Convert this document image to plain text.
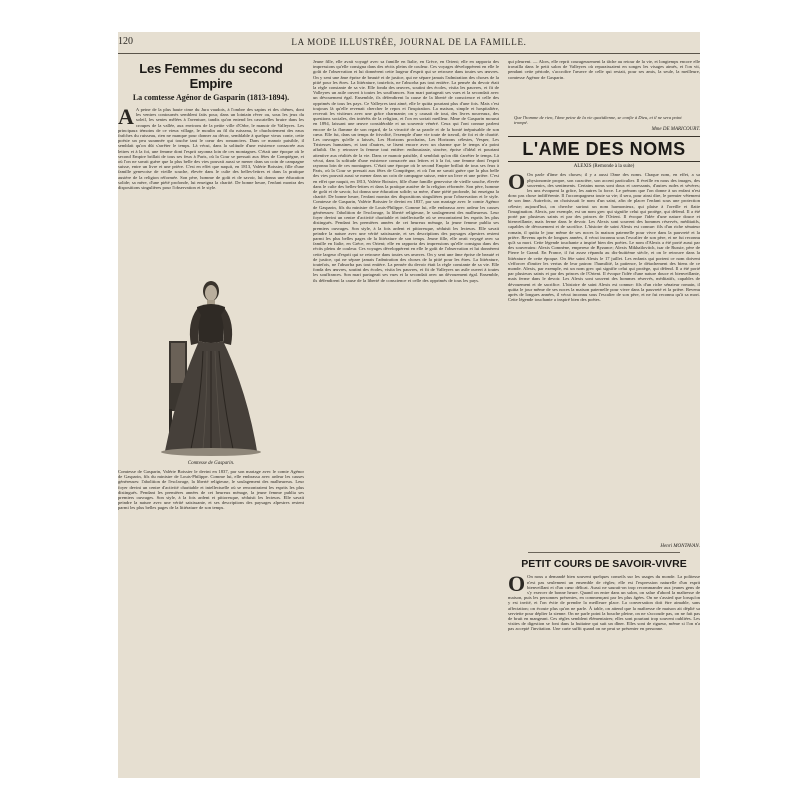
120	LA MODE ILLUSTRÉE, JOURNAL DE LA FAMILLE.
Les Femmes du second Empire
La comtesse Agénor de Gasparin (1813-1894).
A A peine de la plus haute cime du Jura vaudois, à l'ombre des sapins et des chênes, dont les ventres contournés semblent faits pour, dans un lointain rêver ou, sous les jeux du soleil, les sentes mêlées à l'aventure, tandis qu'on entend les cascatelles bruire dans les croupes de la vallée, aux environs de la petite ville d'Orbe, le manoir de Valleyres. Les principaux témoins de ce vieux village, le moulin au fil du ruisseau, le chuchotement des eaux fraîches du ruisseau, rien ne manque pour donner au décor, semblable à quelque vieux conte, cette poésie un peu surannée qui touche tant le cœur des romanciers. Dans ce manoir paisible, il semblait qu'on dût s'arrêter le temps. Là vécut, dans la solitude d'une existence consacrée aux lettres et à la foi, une femme dont l'esprit rayonna loin de ces montagnes. C'était une époque où le second Empire brillait de tous ses feux à Paris, où la Cour se pressait aux fêtes de Compiègne, et où l'on ne savait guère que la plus belle des vies pouvait aussi se mener dans un coin de campagne suisse, entre un livre et une prière. C'est en effet que naquit, en 1813, Valérie Boissier, fille d'une famille genevoise de vieille souche, élevée dans le culte des belles-lettres et dans la pratique austère de la religion réformée. Son père, homme de goût et de savoir, lui donna une éducation solide; sa mère, d'une piété profonde, lui enseigna la charité. De bonne heure, l'enfant montra des dispositions singulières pour l'observation et le style.
Comtesse de Gasparin.
Comtesse de Gasparin, Valérie Boissier le devint en 1837, par son mariage avec le comte Agénor de Gasparin, fils du ministre de Louis-Philippe. Comme lui, elle embrassa avec ardeur les causes généreuses: l'abolition de l'esclavage, la liberté religieuse, le soulagement des malheureux. Leur foyer devint un centre d'activité charitable et intellectuelle où se rencontraient les esprits les plus distingués. Pendant les premières années de cet heureux ménage, la jeune femme publia ses premiers ouvrages. Son style, à la fois ardent et pittoresque, séduisit les lecteurs. Elle savait peindre la nature avec une vérité saisissante, et ses descriptions des paysages alpestres restent parmi les plus belles pages de la littérature de son temps.
Jeune fille, elle avait voyagé avec sa famille en Italie, en Grèce, en Orient; elle en rapporta des impressions qu'elle consigna dans des récits pleins de couleur. Ces voyages développèrent en elle le goût de l'observation et lui donnèrent cette largeur d'esprit qui se retrouve dans toutes ses œuvres. On y sent une âme éprise de beauté et de justice, qui ne sépare jamais l'admiration des choses de la pitié pour les êtres. La littérature, toutefois, ne l'absorba pas tout entière. La pensée du devoir était la règle constante de sa vie. Elle fonda des œuvres, soutint des écoles, visita les pauvres, et fit de Valleyres un asile ouvert à toutes les souffrances. Son mari partageait ses vues et la secondait avec un dévouement égal. Ensemble, ils défendirent la cause de la liberté de conscience et celle des opprimés de tous les pays. Ce Valleyres tant aimé, elle le quitta pourtant plus d'une fois. Mais c'est toujours là qu'elle revenait chercher le repos et l'inspiration. La maison, simple et hospitalière, recevait les visiteurs avec une grâce charmante; on y causait de tout, des livres nouveaux, des questions sociales, des intérêts de la religion, et l'on en sortait meilleur. Mme de Gasparin mourut en 1894, laissant une œuvre considérable et un souvenir vénéré. Ceux qui l'ont connue parlent encore de la flamme de son regard, de la vivacité de sa parole et de la bonté inépuisable de son cœur. Elle fut, dans un temps de frivolité, l'exemple d'une vie toute de travail, de foi et de charité. Les ouvrages qu'elle a laissés, Les Horizons prochains, Les Horizons célestes, Vesper, Les Tristesses humaines, et tant d'autres, se lisent encore avec un charme que le temps n'a point affaibli. On y retrouve la femme tout entière: enthousiaste, sincère, éprise d'idéal et pourtant attentive aux réalités de la vie. Dans ce manoir paisible, il semblait qu'on dût s'arrêter le temps. Là vécut, dans la solitude d'une existence consacrée aux lettres et à la foi, une femme dont l'esprit rayonna loin de ces montagnes. C'était une époque où le second Empire brillait de tous ses feux à Paris, où la Cour se pressait aux fêtes de Compiègne, et où l'on ne savait guère que la plus belle des vies pouvait aussi se mener dans un coin de campagne suisse, entre un livre et une prière. C'est en effet que naquit, en 1813, Valérie Boissier, fille d'une famille genevoise de vieille souche, élevée dans le culte des belles-lettres et dans la pratique austère de la religion réformée. Son père, homme de goût et de savoir, lui donna une éducation solide; sa mère, d'une piété profonde, lui enseigna la charité. De bonne heure, l'enfant montra des dispositions singulières pour l'observation et le style. Comtesse de Gasparin, Valérie Boissier le devint en 1837, par son mariage avec le comte Agénor de Gasparin, fils du ministre de Louis-Philippe. Comme lui, elle embrassa avec ardeur les causes généreuses: l'abolition de l'esclavage, la liberté religieuse, le soulagement des malheureux. Leur foyer devint un centre d'activité charitable et intellectuelle où se rencontraient les esprits les plus distingués. Pendant les premières années de cet heureux ménage, la jeune femme publia ses premiers ouvrages. Son style, à la fois ardent et pittoresque, séduisit les lecteurs. Elle savait peindre la nature avec une vérité saisissante, et ses descriptions des paysages alpestres restent parmi les plus belles pages de la littérature de son temps. Jeune fille, elle avait voyagé avec sa famille en Italie, en Grèce, en Orient; elle en rapporta des impressions qu'elle consigna dans des récits pleins de couleur. Ces voyages développèrent en elle le goût de l'observation et lui donnèrent cette largeur d'esprit qui se retrouve dans toutes ses œuvres. On y sent une âme éprise de beauté et de justice, qui ne sépare jamais l'admiration des choses de la pitié pour les êtres. La littérature, toutefois, ne l'absorba pas tout entière. La pensée du devoir était la règle constante de sa vie. Elle fonda des œuvres, soutint des écoles, visita les pauvres, et fit de Valleyres un asile ouvert à toutes les souffrances. Son mari partageait ses vues et la secondait avec un dévouement égal. Ensemble, ils défendirent la cause de la liberté de conscience et celle des opprimés de tous les pays.
qui pleurent. — Alors, elle reprit courageusement la tâche au retour de la vie, et longtemps encore elle travailla dans le petit salon de Valleyres où reparaissaient en songes les visages aimés, et l'on vit, pendant cette période, s'accroître l'œuvre de celle qui restait, pour ses amis, la seule, la meilleure, comtesse Agénor de Gasparin.
Que l'homme de rien, l'âme peine de la vie quotidienne, se confie à Dieu, et il ne sera point trompé.
Mme DE MARICOURT.
L'AME DES NOMS
ALEXIS (Remonde à la suite)
O On parle d'âme des choses; il y a aussi l'âme des noms. Chaque nom, en effet, a sa physionomie propre, son caractère, son accent particulier. Il éveille en nous des images, des souvenirs, des sentiments. Certains noms sont doux et caressants, d'autres rudes et sévères; les uns évoquent la grâce, les autres la force. Le prénom que l'on donne à un enfant n'est donc pas chose indifférente. Il l'accompagnera toute sa vie; il sera, pour ainsi dire, le premier vêtement de son âme. Autrefois, on choisissait le nom d'un saint, afin de placer l'enfant sous une protection céleste; aujourd'hui, on cherche surtout un nom harmonieux, qui plaise à l'oreille et flatte l'imagination. Alexis, par exemple, est un nom grec qui signifie celui qui protège, qui défend. Il a été porté par plusieurs saints et par des princes de l'Orient. Il évoque l'idée d'une nature douce et bienveillante, mais ferme dans le devoir. Les Alexis sont souvent des hommes réservés, méditatifs, capables de dévouement et de sacrifice. L'histoire de saint Alexis est connue: fils d'un riche sénateur romain, il quitta le jour même de ses noces la maison paternelle pour vivre dans la pauvreté et la prière. Revenu après de longues années, il vécut inconnu sous l'escalier de son père, et ne fut reconnu qu'à sa mort. Cette légende touchante a inspiré bien des poètes. Le nom d'Alexis a été porté aussi par des souverains: Alexis Comnène, empereur de Byzance; Alexis Mikhaïlovitch, tsar de Russie, père de Pierre le Grand. En France, il fut assez répandu au dix-huitième siècle, et on le retrouve dans la littérature de cette époque. On fête saint Alexis le 17 juillet. Les enfants qui portent ce nom doivent s'efforcer d'imiter les vertus de leur patron: l'humilité, la patience, le détachement des biens de ce monde. Alexis, par exemple, est un nom grec qui signifie celui qui protège, qui défend. Il a été porté par plusieurs saints et par des princes de l'Orient. Il évoque l'idée d'une nature douce et bienveillante, mais ferme dans le devoir. Les Alexis sont souvent des hommes réservés, méditatifs, capables de dévouement et de sacrifice. L'histoire de saint Alexis est connue: fils d'un riche sénateur romain, il quitta le jour même de ses noces la maison paternelle pour vivre dans la pauvreté et la prière. Revenu après de longues années, il vécut inconnu sous l'escalier de son père, et ne fut reconnu qu'à sa mort. Cette légende touchante a inspiré bien des poètes.
Henri MONTAVAN.
PETIT COURS DE SAVOIR-VIVRE
O On nous a demandé bien souvent quelques conseils sur les usages du monde. La politesse n'est pas seulement un ensemble de règles; elle est l'expression naturelle d'un esprit bienveillant et d'un cœur délicat. Aussi ne saurait-on trop recommander aux jeunes gens de s'y exercer de bonne heure. Quand on entre dans un salon, on salue d'abord la maîtresse de maison, puis les personnes présentes, en commençant par les plus âgées. On ne s'assied que lorsqu'on y est invité, et l'on évite de prendre la meilleure place. La conversation doit être aimable, sans affectation; on écoute plus qu'on ne parle. À table, on attend que la maîtresse de maison ait déplié sa serviette pour déplier la sienne. On ne parle point la bouche pleine, on ne s'accoude pas, on ne fait pas de bruit en mangeant. Ces règles semblent élémentaires; elles sont pourtant trop souvent oubliées. Les visites de digestion se font dans la huitaine qui suit un dîner. Elles sont de rigueur, même si l'on n'a pas accepté l'invitation. Une carte suffit quand on ne peut se présenter en personne.
